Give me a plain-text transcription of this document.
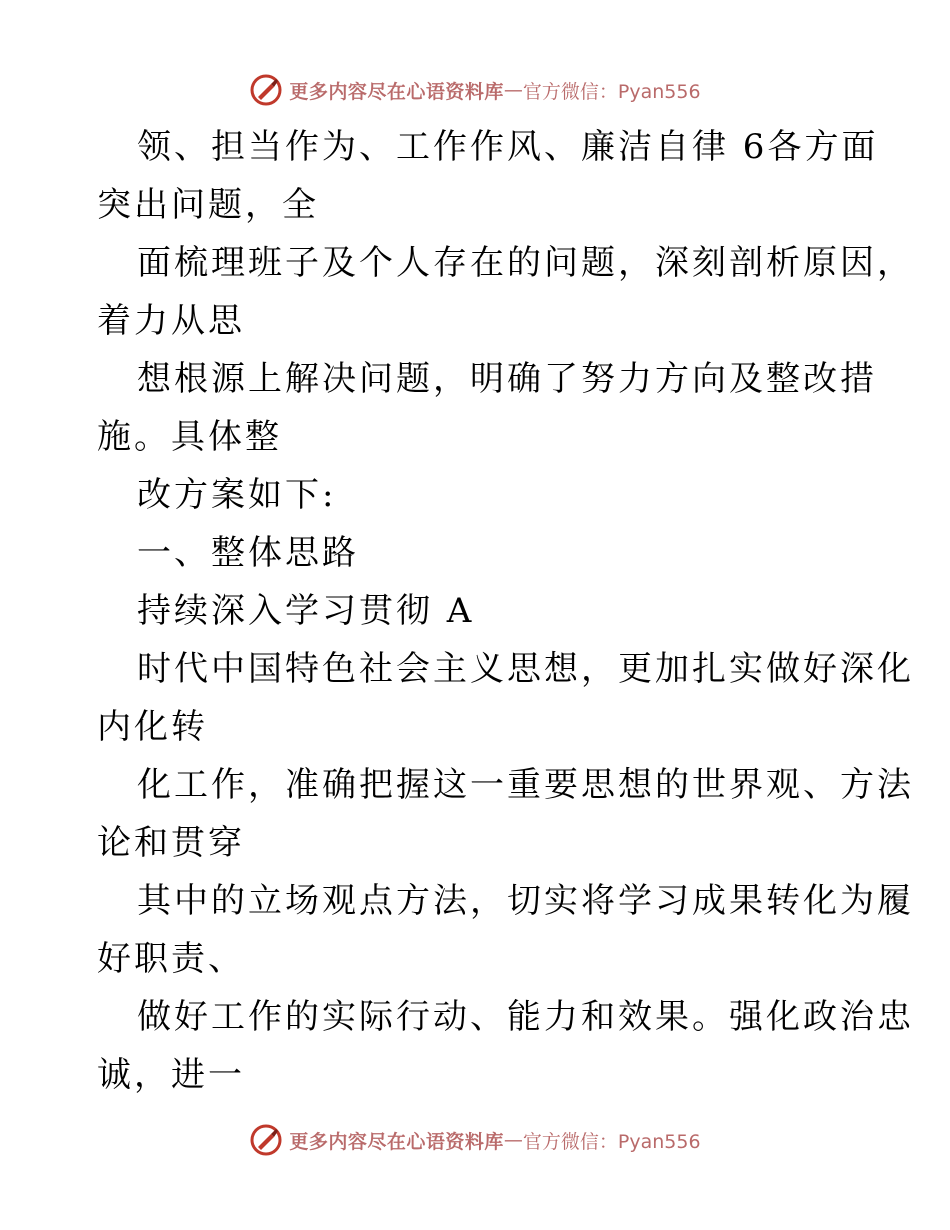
更多内容尽在心语资料库 — 官方微信：Pyan556
领、担当作为、工作作风、廉洁自律 6各方面
突出问题，全
面梳理班子及个人存在的问题，深刻剖析原因，
着力从思
想根源上解决问题，明确了努力方向及整改措
施。具体整
改方案如下:
一、整体思路
持续深入学习贯彻 A
时代中国特色社会主义思想，更加扎实做好深化
内化转
化工作，准确把握这一重要思想的世界观、方法
论和贯穿
其中的立场观点方法，切实将学习成果转化为履
好职责、
做好工作的实际行动、能力和效果。强化政治忠
诚，进一
更多内容尽在心语资料库 — 官方微信：Pyan556
